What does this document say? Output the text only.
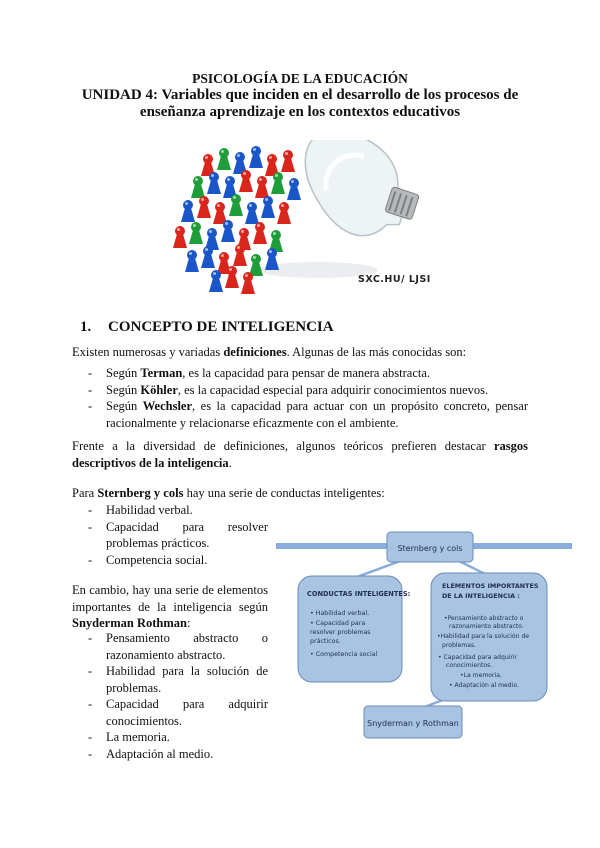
PSICOLOGÍA DE LA EDUCACIÓN
UNIDAD 4: Variables que inciden en el desarrollo de los procesos de
enseñanza aprendizaje en los contextos educativos
SXC.HU/ LJSI
1. CONCEPTO DE INTELIGENCIA
Existen numerosas y variadas definiciones. Algunas de las más conocidas son:
- Según Terman, es la capacidad para pensar de manera abstracta.
- Según Köhler, es la capacidad especial para adquirir conocimientos nuevos.
- Según Wechsler, es la capacidad para actuar con un propósito concreto, pensar racionalmente y relacionarse eficazmente con el ambiente.
Frente a la diversidad de definiciones, algunos teóricos prefieren destacar rasgos descriptivos de la inteligencia.
Para Sternberg y cols hay una serie de conductas inteligentes:
- Habilidad verbal.
- Capacidad para resolver problemas prácticos.
- Competencia social.
En cambio, hay una serie de elementos importantes de la inteligencia según Snyderman Rothman:
- Pensamiento abstracto o razonamiento abstracto.
- Habilidad para la solución de problemas.
- Capacidad para adquirir conocimientos.
- La memoria.
- Adaptación al medio.
Sternberg y cols
CONDUCTAS INTELIGENTES:
• Habilidad verbal.
• Capacidad para
resolver problemas
prácticos.
• Competencia social
ELEMENTOS IMPORTANTES
DE LA INTELIGENCIA :
•Pensamiento abstracto o
razonamiento abstracto.
•Habilidad para la solución de
problemas.
• Capacidad para adquirir
conocimientos.
•La memoria.
• Adaptación al medio.
Snyderman y Rothman
